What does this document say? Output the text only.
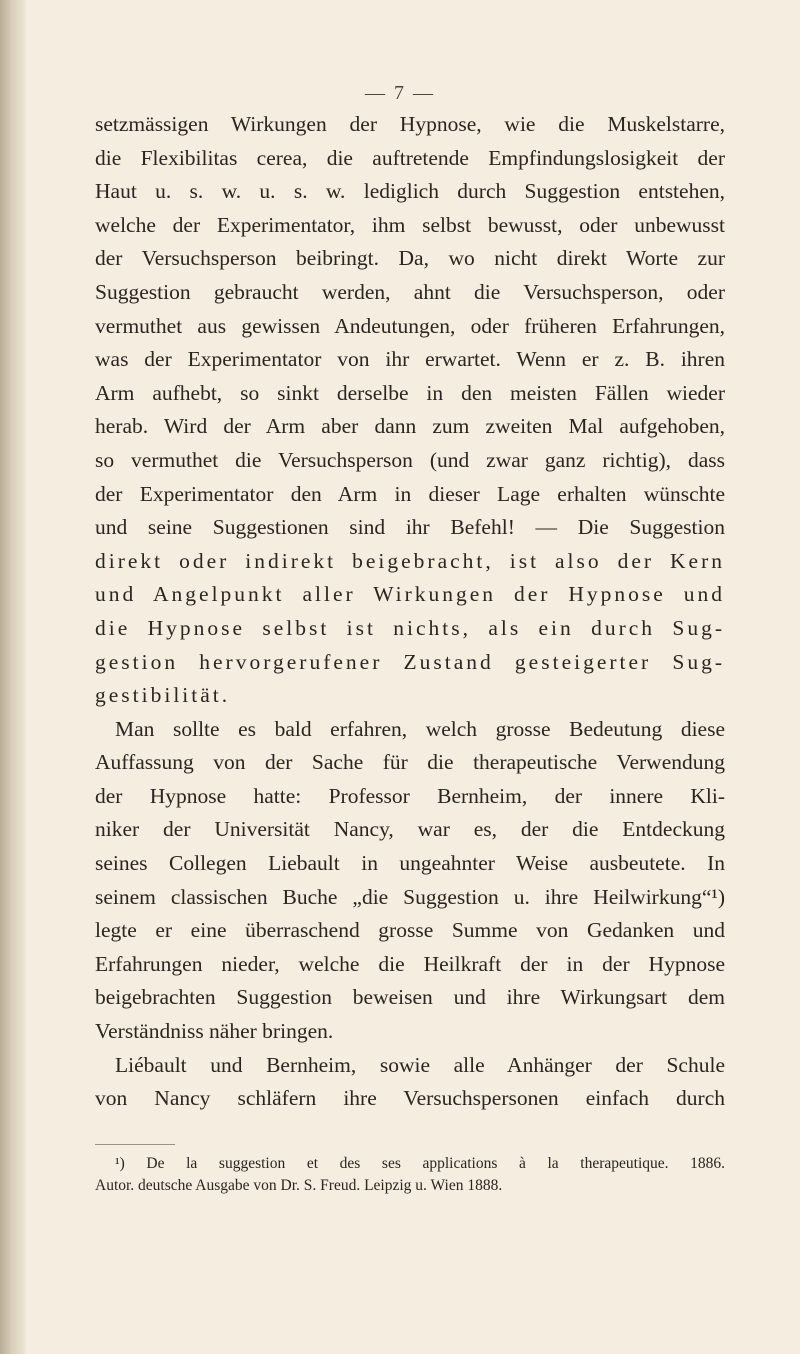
— 7 —
setzmässigen Wirkungen der Hypnose, wie die Muskelstarre,
die Flexibilitas cerea, die auftretende Empfindungslosigkeit der
Haut u. s. w. u. s. w. lediglich durch Suggestion entstehen,
welche der Experimentator, ihm selbst bewusst, oder unbewusst
der Versuchsperson beibringt. Da, wo nicht direkt Worte zur
Suggestion gebraucht werden, ahnt die Versuchsperson, oder
vermuthet aus gewissen Andeutungen, oder früheren Erfahrungen,
was der Experimentator von ihr erwartet. Wenn er z. B. ihren
Arm aufhebt, so sinkt derselbe in den meisten Fällen wieder
herab. Wird der Arm aber dann zum zweiten Mal aufgehoben,
so vermuthet die Versuchsperson (und zwar ganz richtig), dass
der Experimentator den Arm in dieser Lage erhalten wünschte
und seine Suggestionen sind ihr Befehl! — Die Suggestion
direkt oder indirekt beigebracht, ist also der Kern
und Angelpunkt aller Wirkungen der Hypnose und
die Hypnose selbst ist nichts, als ein durch Sug-
gestion hervorgerufener Zustand gesteigerter Sug-
gestibilität.
Man sollte es bald erfahren, welch grosse Bedeutung diese
Auffassung von der Sache für die therapeutische Verwendung
der Hypnose hatte: Professor Bernheim, der innere Kli-
niker der Universität Nancy, war es, der die Entdeckung
seines Collegen Liebault in ungeahnter Weise ausbeutete. In
seinem classischen Buche „die Suggestion u. ihre Heilwirkung“¹)
legte er eine überraschend grosse Summe von Gedanken und
Erfahrungen nieder, welche die Heilkraft der in der Hypnose
beigebrachten Suggestion beweisen und ihre Wirkungsart dem
Verständniss näher bringen.
Liébault und Bernheim, sowie alle Anhänger der Schule
von Nancy schläfern ihre Versuchspersonen einfach durch
¹) De la suggestion et des ses applications à la therapeutique. 1886.
Autor. deutsche Ausgabe von Dr. S. Freud. Leipzig u. Wien 1888.
